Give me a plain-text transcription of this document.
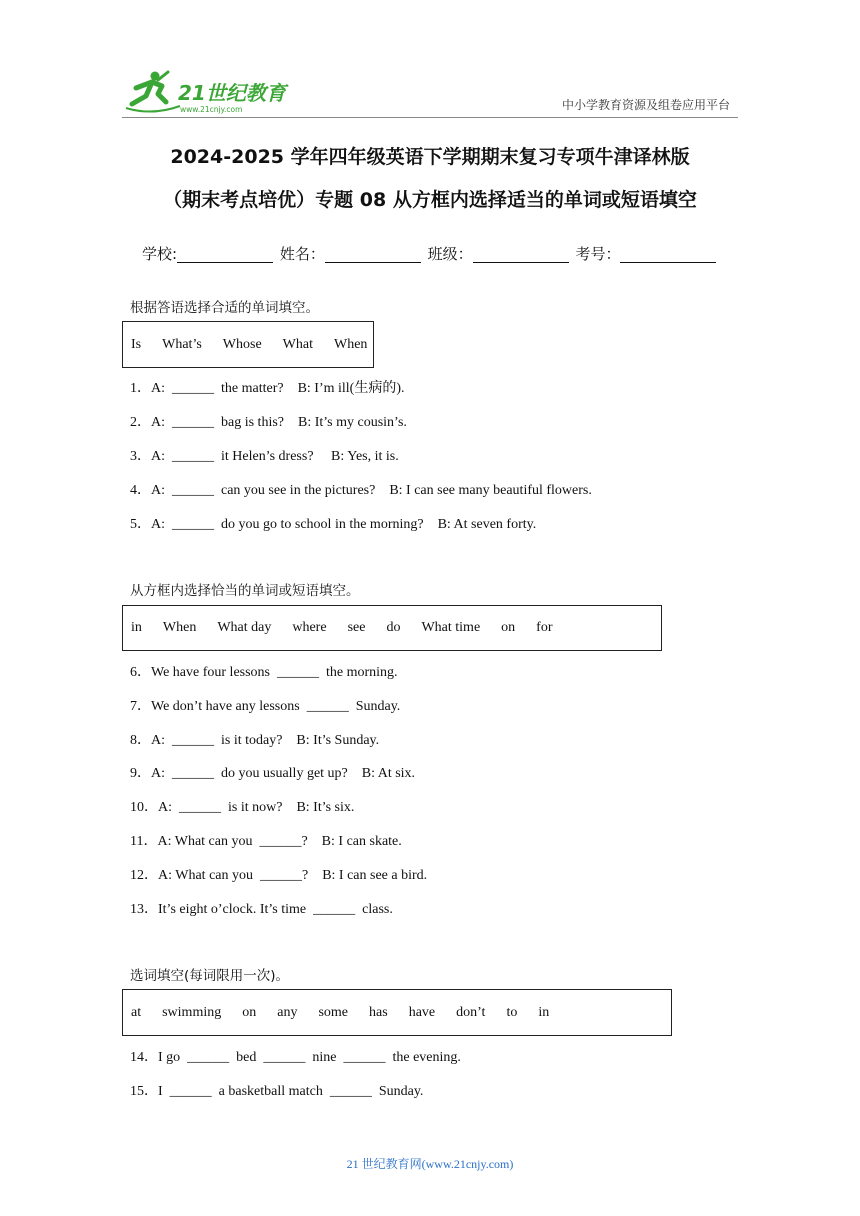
21世纪教育
www.21cnjy.com	中小学教育资源及组卷应用平台
2024-2025 学年四年级英语下学期期末复习专项牛津译林版
（期末考点培优）专题 08 从方框内选择适当的单词或短语填空
学校:	姓名：	班级：	考号：
根据答语选择合适的单词填空。
Is What’s Whose What When
1．A:  ______  the matter?    B: I’m ill(生病的).
2．A:  ______  bag is this?    B: It’s my cousin’s.
3．A:  ______  it Helen’s dress?     B: Yes, it is.
4．A:  ______  can you see in the pictures?    B: I can see many beautiful flowers.
5．A:  ______  do you go to school in the morning?    B: At seven forty.
从方框内选择恰当的单词或短语填空。
in When What day where see do What time on for
6．We have four lessons  ______  the morning.
7．We don’t have any lessons  ______  Sunday.
8．A:  ______  is it today?    B: It’s Sunday.
9．A:  ______  do you usually get up?    B: At six.
10．A:  ______  is it now?    B: It’s six.
11．A: What can you  ______?    B: I can skate.
12．A: What can you  ______?    B: I can see a bird.
13．It’s eight o’clock. It’s time  ______  class.
选词填空(每词限用一次)。
at swimming on any some has have don’t to in
14．I go  ______  bed  ______  nine  ______  the evening.
15．I  ______  a basketball match  ______  Sunday.
21 世纪教育网(www.21cnjy.com)
